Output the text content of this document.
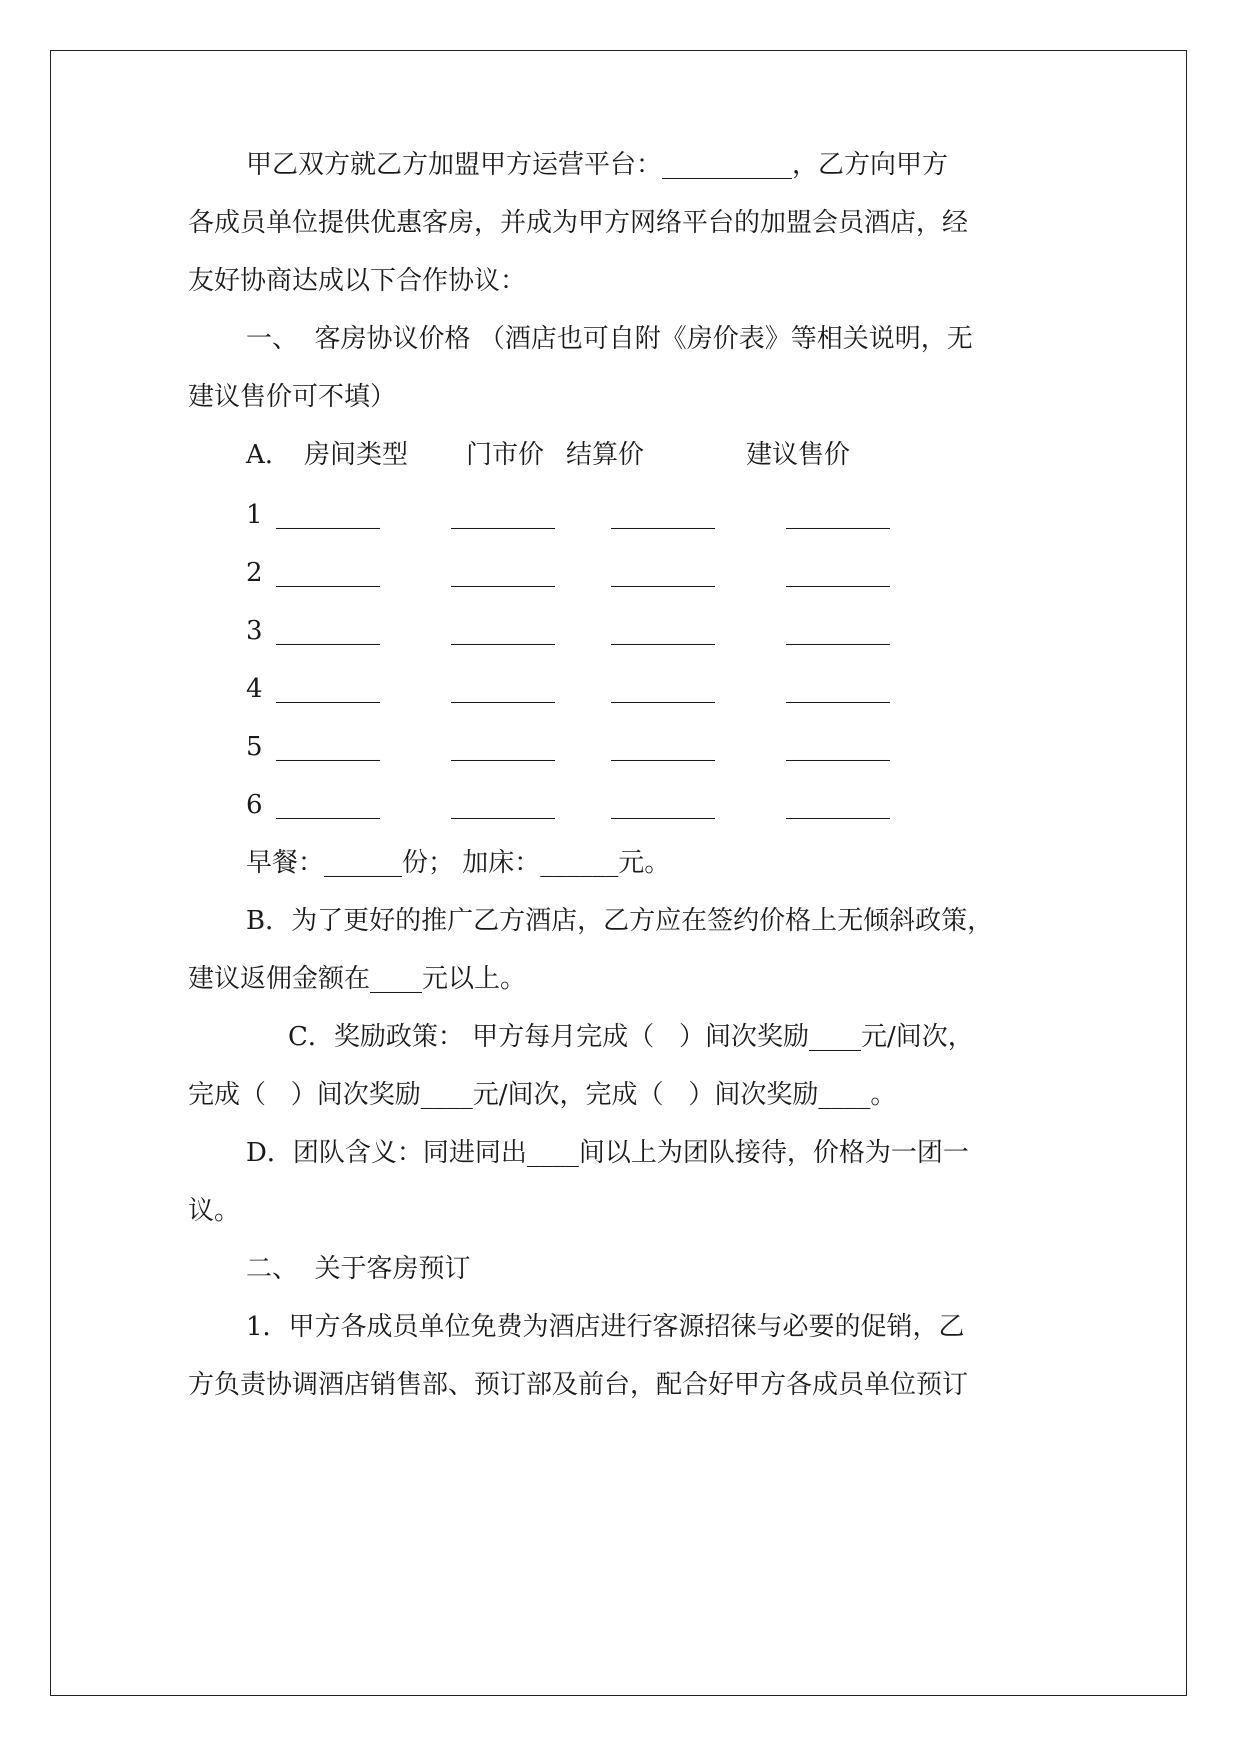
甲乙双方就乙方加盟甲方运营平台：__________，乙方向甲方
各成员单位提供优惠客房，并成为甲方网络平台的加盟会员酒店，经
友好协商达成以下合作协议：
一、  客房协议价格 （酒店也可自附《房价表》等相关说明，无
建议售价可不填）
A. 房间类型 门市价 结算价	建议售价
1 ________	________ ________	________
2 ________	________ ________	________
3 ________	________ ________	________
4 ________	________ ________	________
5 ________	________ ________	________
6 ________	________ ________	________
早餐：______份； 加床：______元。
B．为了更好的推广乙方酒店，乙方应在签约价格上无倾斜政策，
建议返佣金额在____元以上。
C．奖励政策： 甲方每月完成（   ）间次奖励____元/间次，
完成（   ）间次奖励____元/间次，完成（   ）间次奖励____。
D．团队含义：同进同出____间以上为团队接待，价格为一团一
议。
二、  关于客房预订
1．甲方各成员单位免费为酒店进行客源招徕与必要的促销，乙
方负责协调酒店销售部、预订部及前台，配合好甲方各成员单位预订
